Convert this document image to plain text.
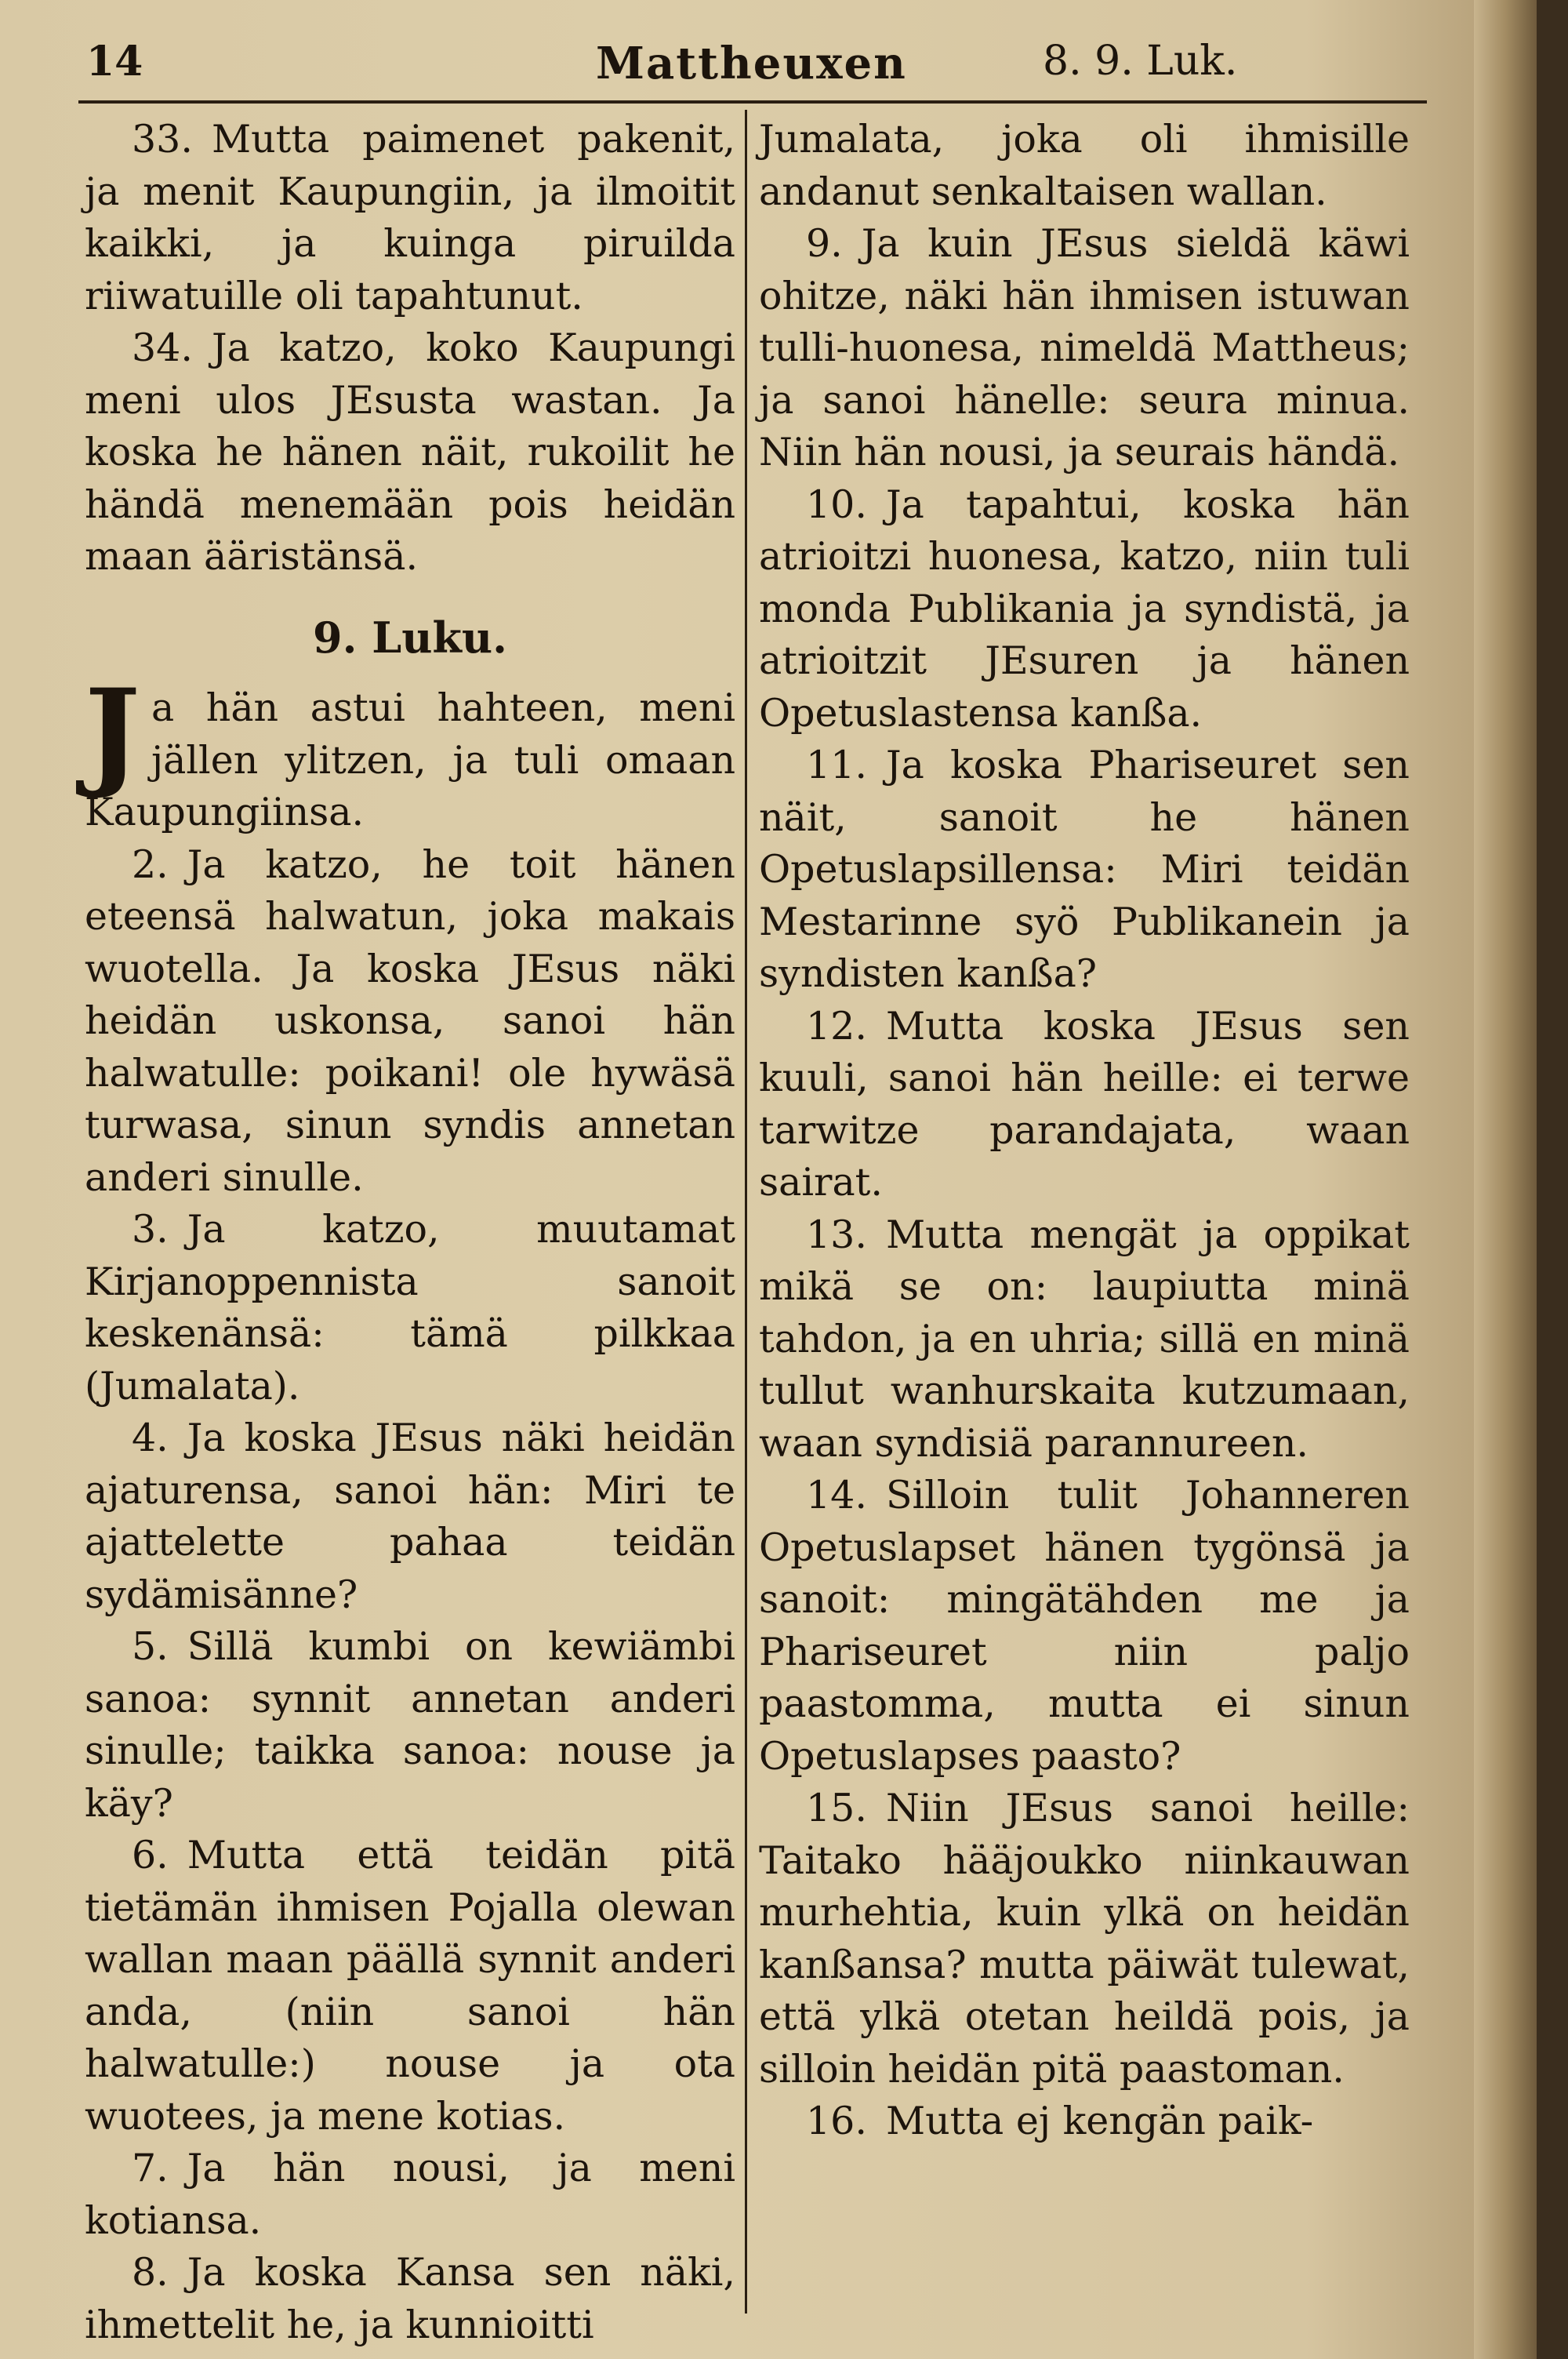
14	Mattheuxen	8. 9. Luk.

33. Mutta paimenet pakenit, ja menit Kaupungiin, ja ilmoitit kaikki, ja kuinga piruilda riiwatuille oli tapahtunut.

34. Ja katzo, koko Kaupungi meni ulos JEsusta wastan. Ja koska he hänen näit, rukoilit he händä menemään pois heidän maan ääristänsä.

9. Luku.

Ja hän astui hahteen, meni jällen ylitzen, ja tuli omaan Kaupungiinsa.

2. Ja katzo, he toit hänen eteensä halwatun, joka makais wuotella. Ja koska JEsus näki heidän uskonsa, sanoi hän halwatulle: poikani! ole hywäsä turwasa, sinun syndis annetan anderi sinulle.

3. Ja katzo, muutamat Kirjanoppennista sanoit keskenänsä: tämä pilkkaa (Jumalata).

4. Ja koska JEsus näki heidän ajaturensa, sanoi hän: Miri te ajattelette pahaa teidän sydämisänne?

5. Sillä kumbi on kewiämbi sanoa: synnit annetan anderi sinulle; taikka sanoa: nouse ja käy?

6. Mutta että teidän pitä tietämän ihmisen Pojalla olewan wallan maan päällä synnit anderi anda, (niin sanoi hän halwatulle:) nouse ja ota wuotees, ja mene kotias.

7. Ja hän nousi, ja meni kotiansa.

8. Ja koska Kansa sen näki, ihmettelit he, ja kunnioitti

Jumalata, joka oli ihmisille andanut senkaltaisen wallan.

9. Ja kuin JEsus sieldä käwi ohitze, näki hän ihmisen istuwan tulli-huonesa, nimeldä Mattheus; ja sanoi hänelle: seura minua. Niin hän nousi, ja seurais händä.

10. Ja tapahtui, koska hän atrioitzi huonesa, katzo, niin tuli monda Publikania ja syndistä, ja atrioitzit JEsuren ja hänen Opetuslastensa kanßa.

11. Ja koska Phariseuret sen näit, sanoit he hänen Opetuslapsillensa: Miri teidän Mestarinne syö Publikanein ja syndisten kanßa?

12. Mutta koska JEsus sen kuuli, sanoi hän heille: ei terwe tarwitze parandajata, waan sairat.

13. Mutta mengät ja oppikat mikä se on: laupiutta minä tahdon, ja en uhria; sillä en minä tullut wanhurskaita kutzumaan, waan syndisiä parannureen.

14. Silloin tulit Johanneren Opetuslapset hänen tygönsä ja sanoit: mingätähden me ja Phariseuret niin paljo paastomma, mutta ei sinun Opetuslapses paasto?

15. Niin JEsus sanoi heille: Taitako hääjoukko niinkauwan murhehtia, kuin ylkä on heidän kanßansa? mutta päiwät tulewat, että ylkä otetan heildä pois, ja silloin heidän pitä paastoman.

16. Mutta ej kengän paik-
